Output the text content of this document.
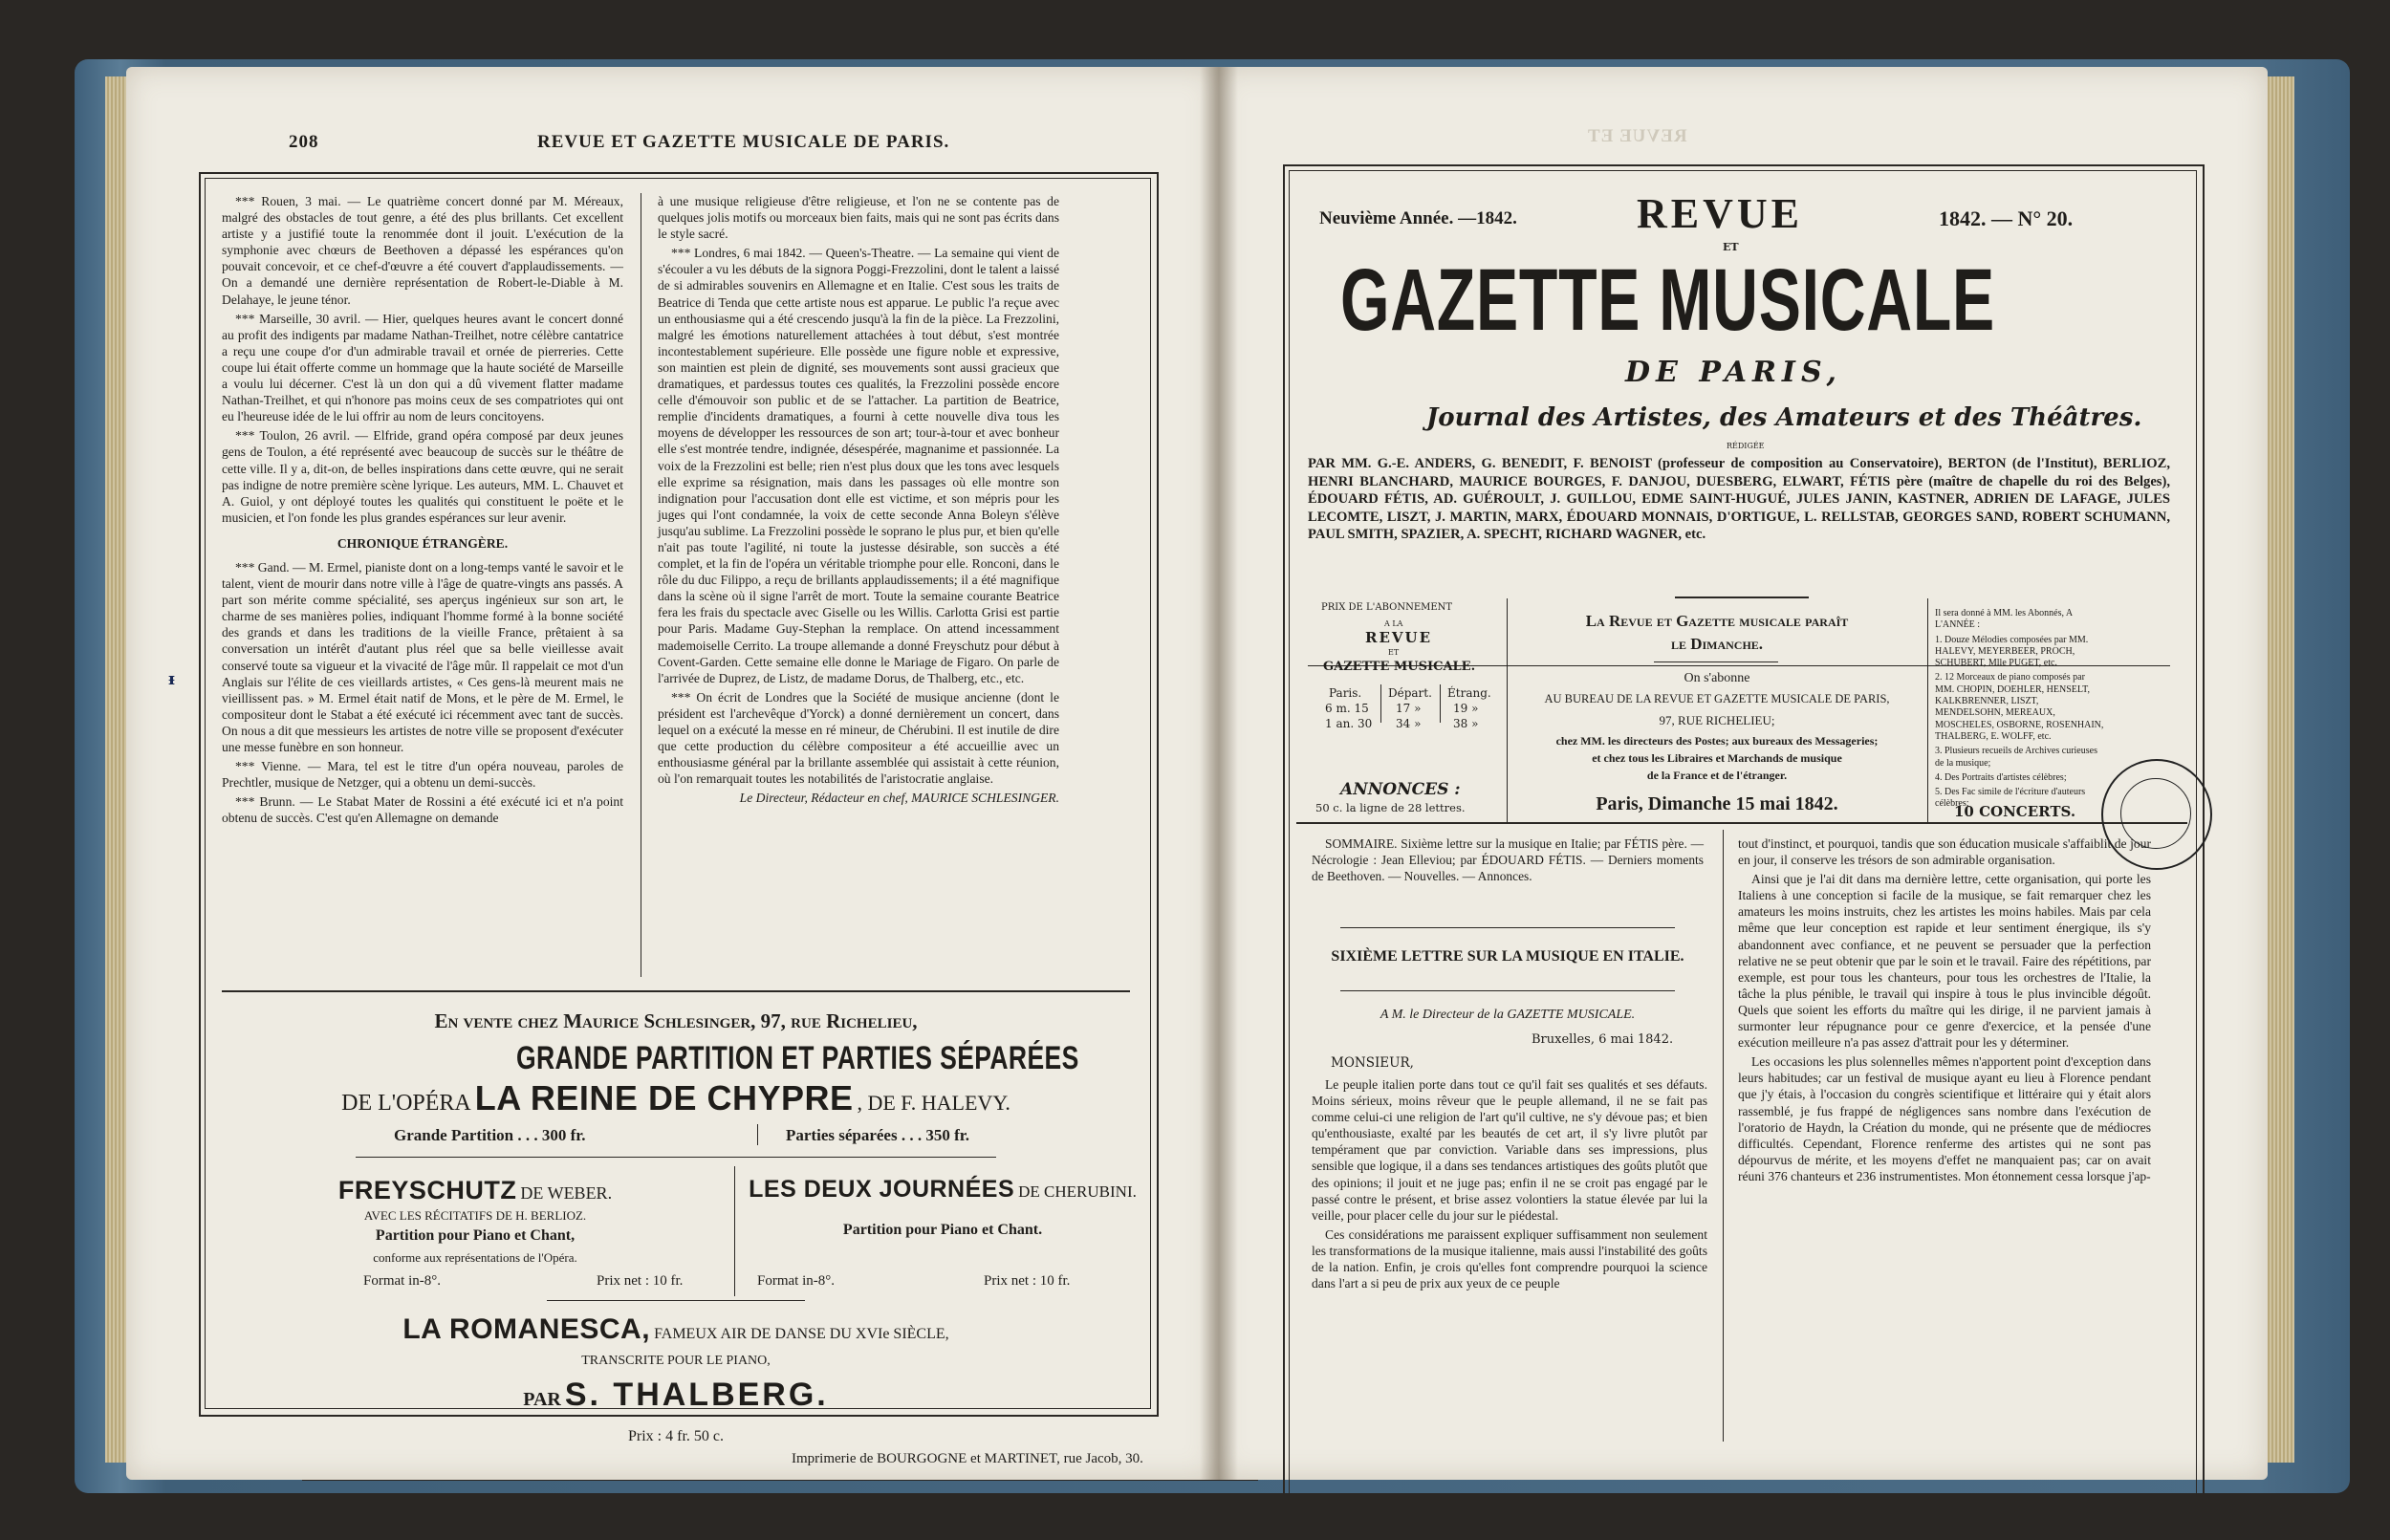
208	REVUE ET GAZETTE MUSICALE DE PARIS.

*** Rouen, 3 mai. — Le quatrième concert donné par M. Méreaux, malgré des obstacles de tout genre, a été des plus brillants. Cet excellent artiste y a justifié toute la renommée dont il jouit. L'exécution de la symphonie avec chœurs de Beethoven a dépassé les espérances qu'on pouvait concevoir, et ce chef-d'œuvre a été couvert d'applaudissements. — On a demandé une dernière représentation de Robert-le-Diable à M. Delahaye, le jeune ténor.

*** Marseille, 30 avril. — Hier, quelques heures avant le concert donné au profit des indigents par madame Nathan-Treilhet, notre célèbre cantatrice a reçu une coupe d'or d'un admirable travail et ornée de pierreries. Cette coupe lui était offerte comme un hommage que la haute société de Marseille a voulu lui décerner. C'est là un don qui a dû vivement flatter madame Nathan-Treilhet, et qui n'honore pas moins ceux de ses compatriotes qui ont eu l'heureuse idée de le lui offrir au nom de leurs concitoyens.

*** Toulon, 26 avril. — Elfride, grand opéra composé par deux jeunes gens de Toulon, a été représenté avec beaucoup de succès sur le théâtre de cette ville. Il y a, dit-on, de belles inspirations dans cette œuvre, qui ne serait pas indigne de notre première scène lyrique. Les auteurs, MM. L. Chauvet et A. Guiol, y ont déployé toutes les qualités qui constituent le poëte et le musicien, et l'on fonde les plus grandes espérances sur leur avenir.

CHRONIQUE ÉTRANGÈRE.

*** Gand. — M. Ermel, pianiste dont on a long-temps vanté le savoir et le talent, vient de mourir dans notre ville à l'âge de quatre-vingts ans passés. A part son mérite comme spécialité, ses aperçus ingénieux sur son art, le charme de ses manières polies, indiquant l'homme formé à la bonne société des grands et dans les traditions de la vieille France, prêtaient à sa conversation un intérêt d'autant plus réel que sa belle vieillesse avait conservé toute sa vigueur et la vivacité de l'âge mûr. Il rappelait ce mot d'un Anglais sur l'élite de ces vieillards artistes, « Ces gens-là meurent mais ne vieillissent pas. » M. Ermel était natif de Mons, et le père de M. Ermel, le compositeur dont le Stabat a été exécuté ici récemment avec tant de succès. On nous a dit que messieurs les artistes de notre ville se proposent d'exécuter une messe funèbre en son honneur.

*** Vienne. — Mara, tel est le titre d'un opéra nouveau, paroles de Prechtler, musique de Netzger, qui a obtenu un demi-succès.

*** Brunn. — Le Stabat Mater de Rossini a été exécuté ici et n'a point obtenu de succès. C'est qu'en Allemagne on demande

à une musique religieuse d'être religieuse, et l'on ne se contente pas de quelques jolis motifs ou morceaux bien faits, mais qui ne sont pas écrits dans le style sacré.

*** Londres, 6 mai 1842. — Queen's-Theatre. — La semaine qui vient de s'écouler a vu les débuts de la signora Poggi-Frezzolini, dont le talent a laissé de si admirables souvenirs en Allemagne et en Italie. C'est sous les traits de Beatrice di Tenda que cette artiste nous est apparue. Le public l'a reçue avec un enthousiasme qui a été crescendo jusqu'à la fin de la pièce. La Frezzolini, malgré les émotions naturellement attachées à tout début, s'est montrée incontestablement supérieure. Elle possède une figure noble et expressive, son maintien est plein de dignité, ses mouvements sont aussi gracieux que dramatiques, et pardessus toutes ces qualités, la Frezzolini possède encore celle d'émouvoir son public et de se l'attacher. La partition de Beatrice, remplie d'incidents dramatiques, a fourni à cette nouvelle diva tous les moyens de développer les ressources de son art; tour-à-tour et avec bonheur elle s'est montrée tendre, indignée, désespérée, magnanime et passionnée. La voix de la Frezzolini est belle; rien n'est plus doux que les tons avec lesquels elle exprime sa résignation, mais dans les passages où elle montre son indignation pour l'accusation dont elle est victime, et son mépris pour les juges qui l'ont condamnée, la voix de cette seconde Anna Boleyn s'élève jusqu'au sublime. La Frezzolini possède le soprano le plus pur, et bien qu'elle n'ait pas toute l'agilité, ni toute la justesse désirable, son succès a été complet, et la fin de l'opéra un véritable triomphe pour elle. Ronconi, dans le rôle du duc Filippo, a reçu de brillants applaudissements; il a été magnifique dans la scène où il signe l'arrêt de mort. Toute la semaine courante Beatrice fera les frais du spectacle avec Giselle ou les Willis. Carlotta Grisi est partie pour Paris. Madame Guy-Stephan la remplace. On attend incessamment mademoiselle Cerrito. La troupe allemande a donné Freyschutz pour début à Covent-Garden. Cette semaine elle donne le Mariage de Figaro. On parle de l'arrivée de Duprez, de Listz, de madame Dorus, de Thalberg, etc., etc.

*** On écrit de Londres que la Société de musique ancienne (dont le président est l'archevêque d'Yorck) a donné dernièrement un concert, dans lequel on a exécuté la messe en ré mineur, de Chérubini. Il est inutile de dire que cette production du célèbre compositeur a été accueillie avec un enthousiasme général par la brillante assemblée qui assistait à cette réunion, où l'on remarquait toutes les notabilités de l'aristocratie anglaise.

Le Directeur, Rédacteur en chef, MAURICE SCHLESINGER.

En vente chez Maurice Schlesinger, 97, rue Richelieu,
GRANDE PARTITION ET PARTIES SÉPARÉES
DE L'OPÉRA LA REINE DE CHYPRE , DE F. HALEVY.
Grande Partition . . . 300 fr.	Parties séparées . . . 350 fr.
FREYSCHUTZ DE WEBER.
AVEC LES RÉCITATIFS DE H. BERLIOZ.
Partition pour Piano et Chant,
conforme aux représentations de l'Opéra.
Format in-8°.	Prix net : 10 fr.
LES DEUX JOURNÉES DE CHERUBINI.
Partition pour Piano et Chant.
Format in-8°.	Prix net : 10 fr.
LA ROMANESCA, FAMEUX AIR DE DANSE DU XVIe SIÈCLE,
TRANSCRITE POUR LE PIANO,
PAR S. THALBERG.
Prix : 4 fr. 50 c.
Imprimerie de BOURGOGNE et MARTINET, rue Jacob, 30.
ᵻ
REVUE ET
Neuvième Année. —1842.	1842. — N° 20.
REVUE
ET
GAZETTE MUSICALE
DE PARIS,
Journal des Artistes, des Amateurs et des Théâtres.
RÉDIGÉE

PAR MM. G.-E. ANDERS, G. BENEDIT, F. BENOIST (professeur de composition au Conservatoire), BERTON (de l'Institut), BERLIOZ, HENRI BLANCHARD, MAURICE BOURGES, F. DANJOU, DUESBERG, ELWART, FÉTIS père (maître de chapelle du roi des Belges), ÉDOUARD FÉTIS, AD. GUÉROULT, J. GUILLOU, EDME SAINT-HUGUÉ, JULES JANIN, KASTNER, ADRIEN DE LAFAGE, JULES LECOMTE, LISZT, J. MARTIN, MARX, ÉDOUARD MONNAIS, D'ORTIGUE, L. RELLSTAB, GEORGES SAND, ROBERT SCHUMANN, PAUL SMITH, SPAZIER, A. SPECHT, RICHARD WAGNER, etc.

PRIX DE L'ABONNEMENT
A LA
REVUE
ET
GAZETTE MUSICALE.
Paris. Départ. Étrang.
6 m. 15 17 »	19 »
1 an. 30 34 »	38 »
ANNONCES :
50 c. la ligne de 28 lettres.
La Revue et Gazette musicale paraît
le Dimanche.
On s'abonne
AU BUREAU DE LA REVUE ET GAZETTE MUSICALE DE PARIS,
97, RUE RICHELIEU;
chez MM. les directeurs des Postes; aux bureaux des Messageries;
et chez tous les Libraires et Marchands de musique
de la France et de l'étranger.
Paris, Dimanche 15 mai 1842.

Il sera donné à MM. les Abonnés, A L'ANNÉE :

1. Douze Mélodies composées par MM. HALEVY, MEYERBEER, PROCH, SCHUBERT, Mlle PUGET, etc.

2. 12 Morceaux de piano composés par MM. CHOPIN, DOEHLER, HENSELT, KALKBRENNER, LISZT, MENDELSOHN, MEREAUX, MOSCHELES, OSBORNE, ROSENHAIN, THALBERG, E. WOLFF, etc.

3. Plusieurs recueils de Archives curieuses de la musique;

4. Des Portraits d'artistes célèbres;

5. Des Fac simile de l'écriture d'auteurs célèbres;

10 CONCERTS.

SOMMAIRE. Sixième lettre sur la musique en Italie; par FÉTIS père. — Nécrologie : Jean Elleviou; par ÉDOUARD FÉTIS. — Derniers moments de Beethoven. — Nouvelles. — Annonces.

SIXIÈME LETTRE SUR LA MUSIQUE EN ITALIE.
A M. le Directeur de la GAZETTE MUSICALE.
Bruxelles, 6 mai 1842.
MONSIEUR,

Le peuple italien porte dans tout ce qu'il fait ses qualités et ses défauts. Moins sérieux, moins rêveur que le peuple allemand, il ne se fait pas comme celui-ci une religion de l'art qu'il cultive, ne s'y dévoue pas; et bien qu'enthousiaste, exalté par les beautés de cet art, il s'y livre plutôt par tempérament que par conviction. Variable dans ses impressions, plus sensible que logique, il a dans ses tendances artistiques des goûts plutôt que des opinions; il jouit et ne juge pas; enfin il ne se croit pas engagé par le passé contre le présent, et brise assez volontiers la statue élevée par lui la veille, pour placer celle du jour sur le piédestal.

Ces considérations me paraissent expliquer suffisamment non seulement les transformations de la musique italienne, mais aussi l'instabilité des goûts de la nation. Enfin, je crois qu'elles font comprendre pourquoi la science dans l'art a si peu de prix aux yeux de ce peuple

tout d'instinct, et pourquoi, tandis que son éducation musicale s'affaiblit de jour en jour, il conserve les trésors de son admirable organisation.

Ainsi que je l'ai dit dans ma dernière lettre, cette organisation, qui porte les Italiens à une conception si facile de la musique, se fait remarquer chez les amateurs les moins instruits, chez les artistes les moins habiles. Mais par cela même que leur conception est rapide et leur sentiment énergique, ils s'y abandonnent avec confiance, et ne peuvent se persuader que la perfection relative ne se peut obtenir que par le soin et le travail. Faire des répétitions, par exemple, est pour tous les chanteurs, pour tous les orchestres de l'Italie, la tâche la plus pénible, le travail qui inspire à tous le plus invincible dégoût. Quels que soient les efforts du maître qui les dirige, il ne parvient jamais à surmonter leur répugnance pour ce genre d'exercice, et la pensée d'une exécution meilleure n'a pas assez d'attrait pour les y déterminer.

Les occasions les plus solennelles mêmes n'apportent point d'exception dans leurs habitudes; car un festival de musique ayant eu lieu à Florence pendant que j'y étais, à l'occasion du congrès scientifique et littéraire qui y était alors rassemblé, je fus frappé de négligences sans nombre dans l'exécution de l'oratorio de Haydn, la Création du monde, qui ne présente que de médiocres difficultés. Cependant, Florence renferme des artistes qui ne sont pas dépourvus de mérite, et les moyens d'effet ne manquaient pas; car on avait réuni 376 chanteurs et 236 instrumentistes. Mon étonnement cessa lorsque j'ap-
